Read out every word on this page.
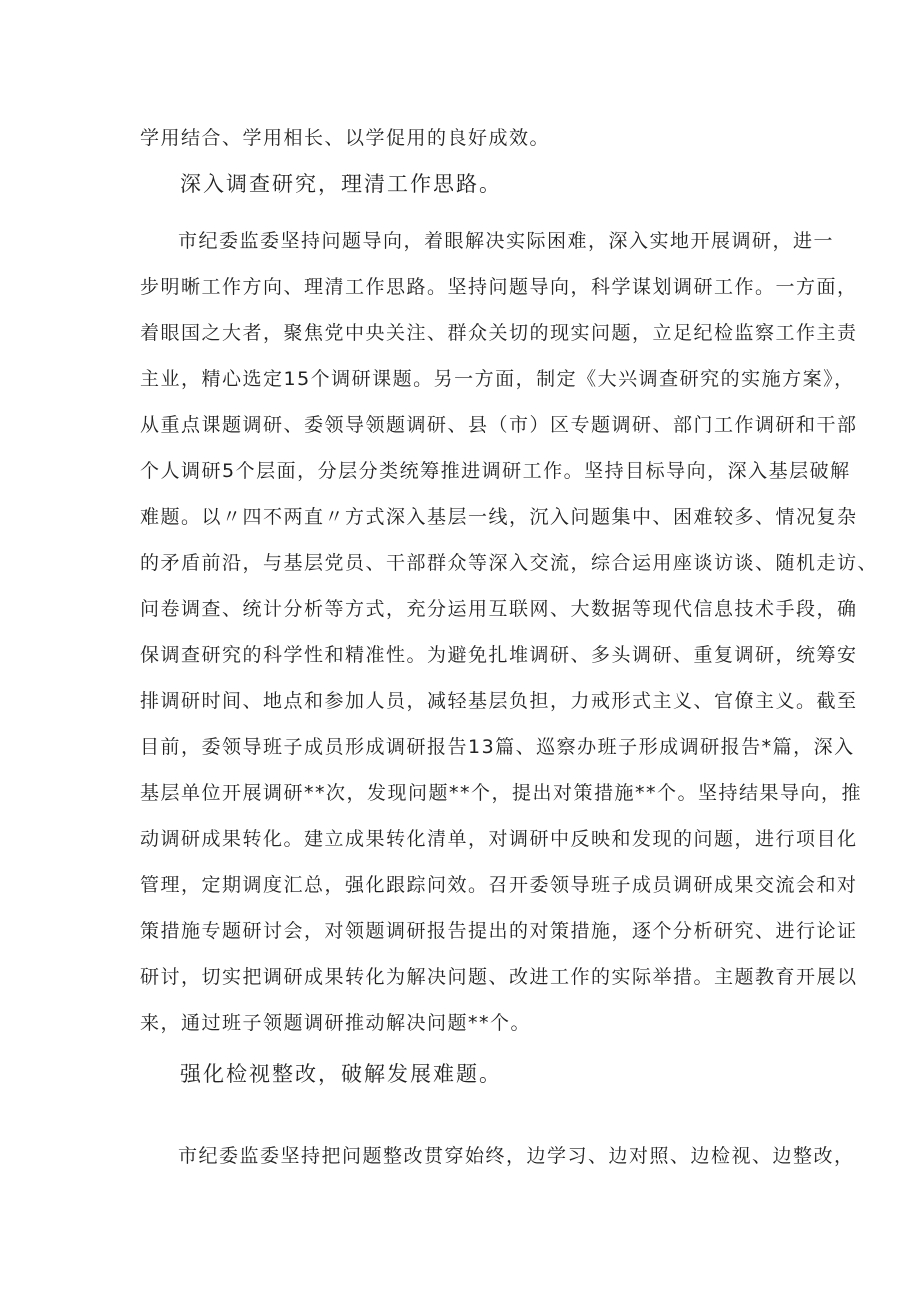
学用结合、学用相长、以学促用的良好成效。
深入调查研究，理清工作思路。
市纪委监委坚持问题导向，着眼解决实际困难，深入实地开展调研，进一
步明晰工作方向、理清工作思路。坚持问题导向，科学谋划调研工作。一方面，
着眼国之大者，聚焦党中央关注、群众关切的现实问题，立足纪检监察工作主责
主业，精心选定15个调研课题。另一方面，制定《大兴调查研究的实施方案》，
从重点课题调研、委领导领题调研、县（市）区专题调研、部门工作调研和干部
个人调研5个层面，分层分类统筹推进调研工作。坚持目标导向，深入基层破解
难题。以〃四不两直〃方式深入基层一线，沉入问题集中、困难较多、情况复杂
的矛盾前沿，与基层党员、干部群众等深入交流，综合运用座谈访谈、随机走访、
问卷调查、统计分析等方式，充分运用互联网、大数据等现代信息技术手段，确
保调查研究的科学性和精准性。为避免扎堆调研、多头调研、重复调研，统筹安
排调研时间、地点和参加人员，减轻基层负担，力戒形式主义、官僚主义。截至
目前，委领导班子成员形成调研报告13篇、巡察办班子形成调研报告*篇，深入
基层单位开展调研**次，发现问题**个，提出对策措施**个。坚持结果导向，推
动调研成果转化。建立成果转化清单，对调研中反映和发现的问题，进行项目化
管理，定期调度汇总，强化跟踪问效。召开委领导班子成员调研成果交流会和对
策措施专题研讨会，对领题调研报告提出的对策措施，逐个分析研究、进行论证
研讨，切实把调研成果转化为解决问题、改进工作的实际举措。主题教育开展以
来，通过班子领题调研推动解决问题**个。
强化检视整改，破解发展难题。
市纪委监委坚持把问题整改贯穿始终，边学习、边对照、边检视、边整改，
